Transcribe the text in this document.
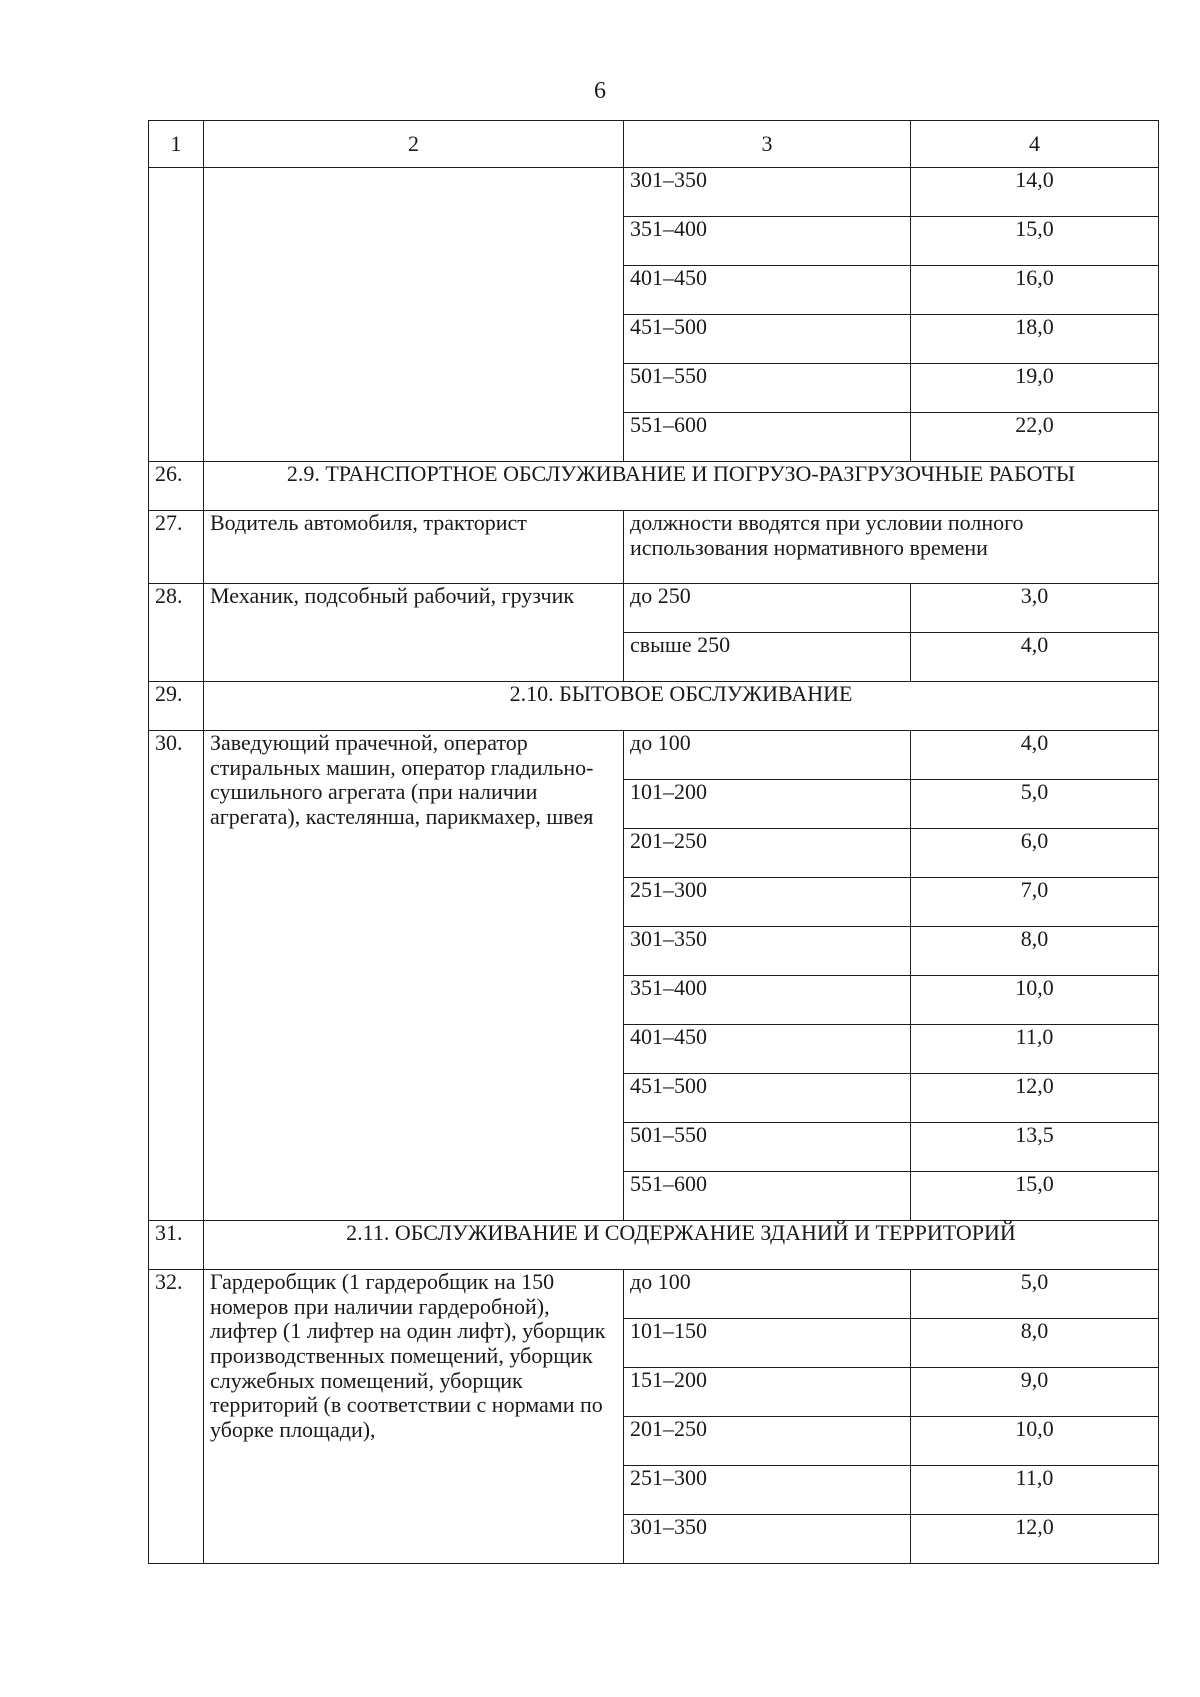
6
1	2	3	4
		301–350	14,0
		351–400	15,0
		401–450	16,0
		451–500	18,0
		501–550	19,0
		551–600	22,0
26.	2.9. ТРАНСПОРТНОЕ ОБСЛУЖИВАНИЕ И ПОГРУЗО-РАЗГРУЗОЧНЫЕ РАБОТЫ		
27.	Водитель автомобиля, тракторист	должности вводятся при условии полного использования нормативного времени	
28.	Механик, подсобный рабочий, грузчик	до 250	3,0
		свыше 250	4,0
29.	2.10. БЫТОВОЕ ОБСЛУЖИВАНИЕ		
30.	Заведующий прачечной, оператор стиральных машин, оператор гладильно-сушильного агрегата (при наличии агрегата), кастелянша, парикмахер, швея	до 100	4,0
		101–200	5,0
		201–250	6,0
		251–300	7,0
		301–350	8,0
		351–400	10,0
		401–450	11,0
		451–500	12,0
		501–550	13,5
		551–600	15,0
31.	2.11. ОБСЛУЖИВАНИЕ И СОДЕРЖАНИЕ ЗДАНИЙ И ТЕРРИТОРИЙ		
32.	Гардеробщик (1 гардеробщик на 150 номеров при наличии гардеробной), лифтер (1 лифтер на один лифт), уборщик производственных помещений, уборщик служебных помещений, уборщик территорий (в соответствии с нормами по уборке площади),	до 100	5,0
		101–150	8,0
		151–200	9,0
		201–250	10,0
		251–300	11,0
		301–350	12,0
